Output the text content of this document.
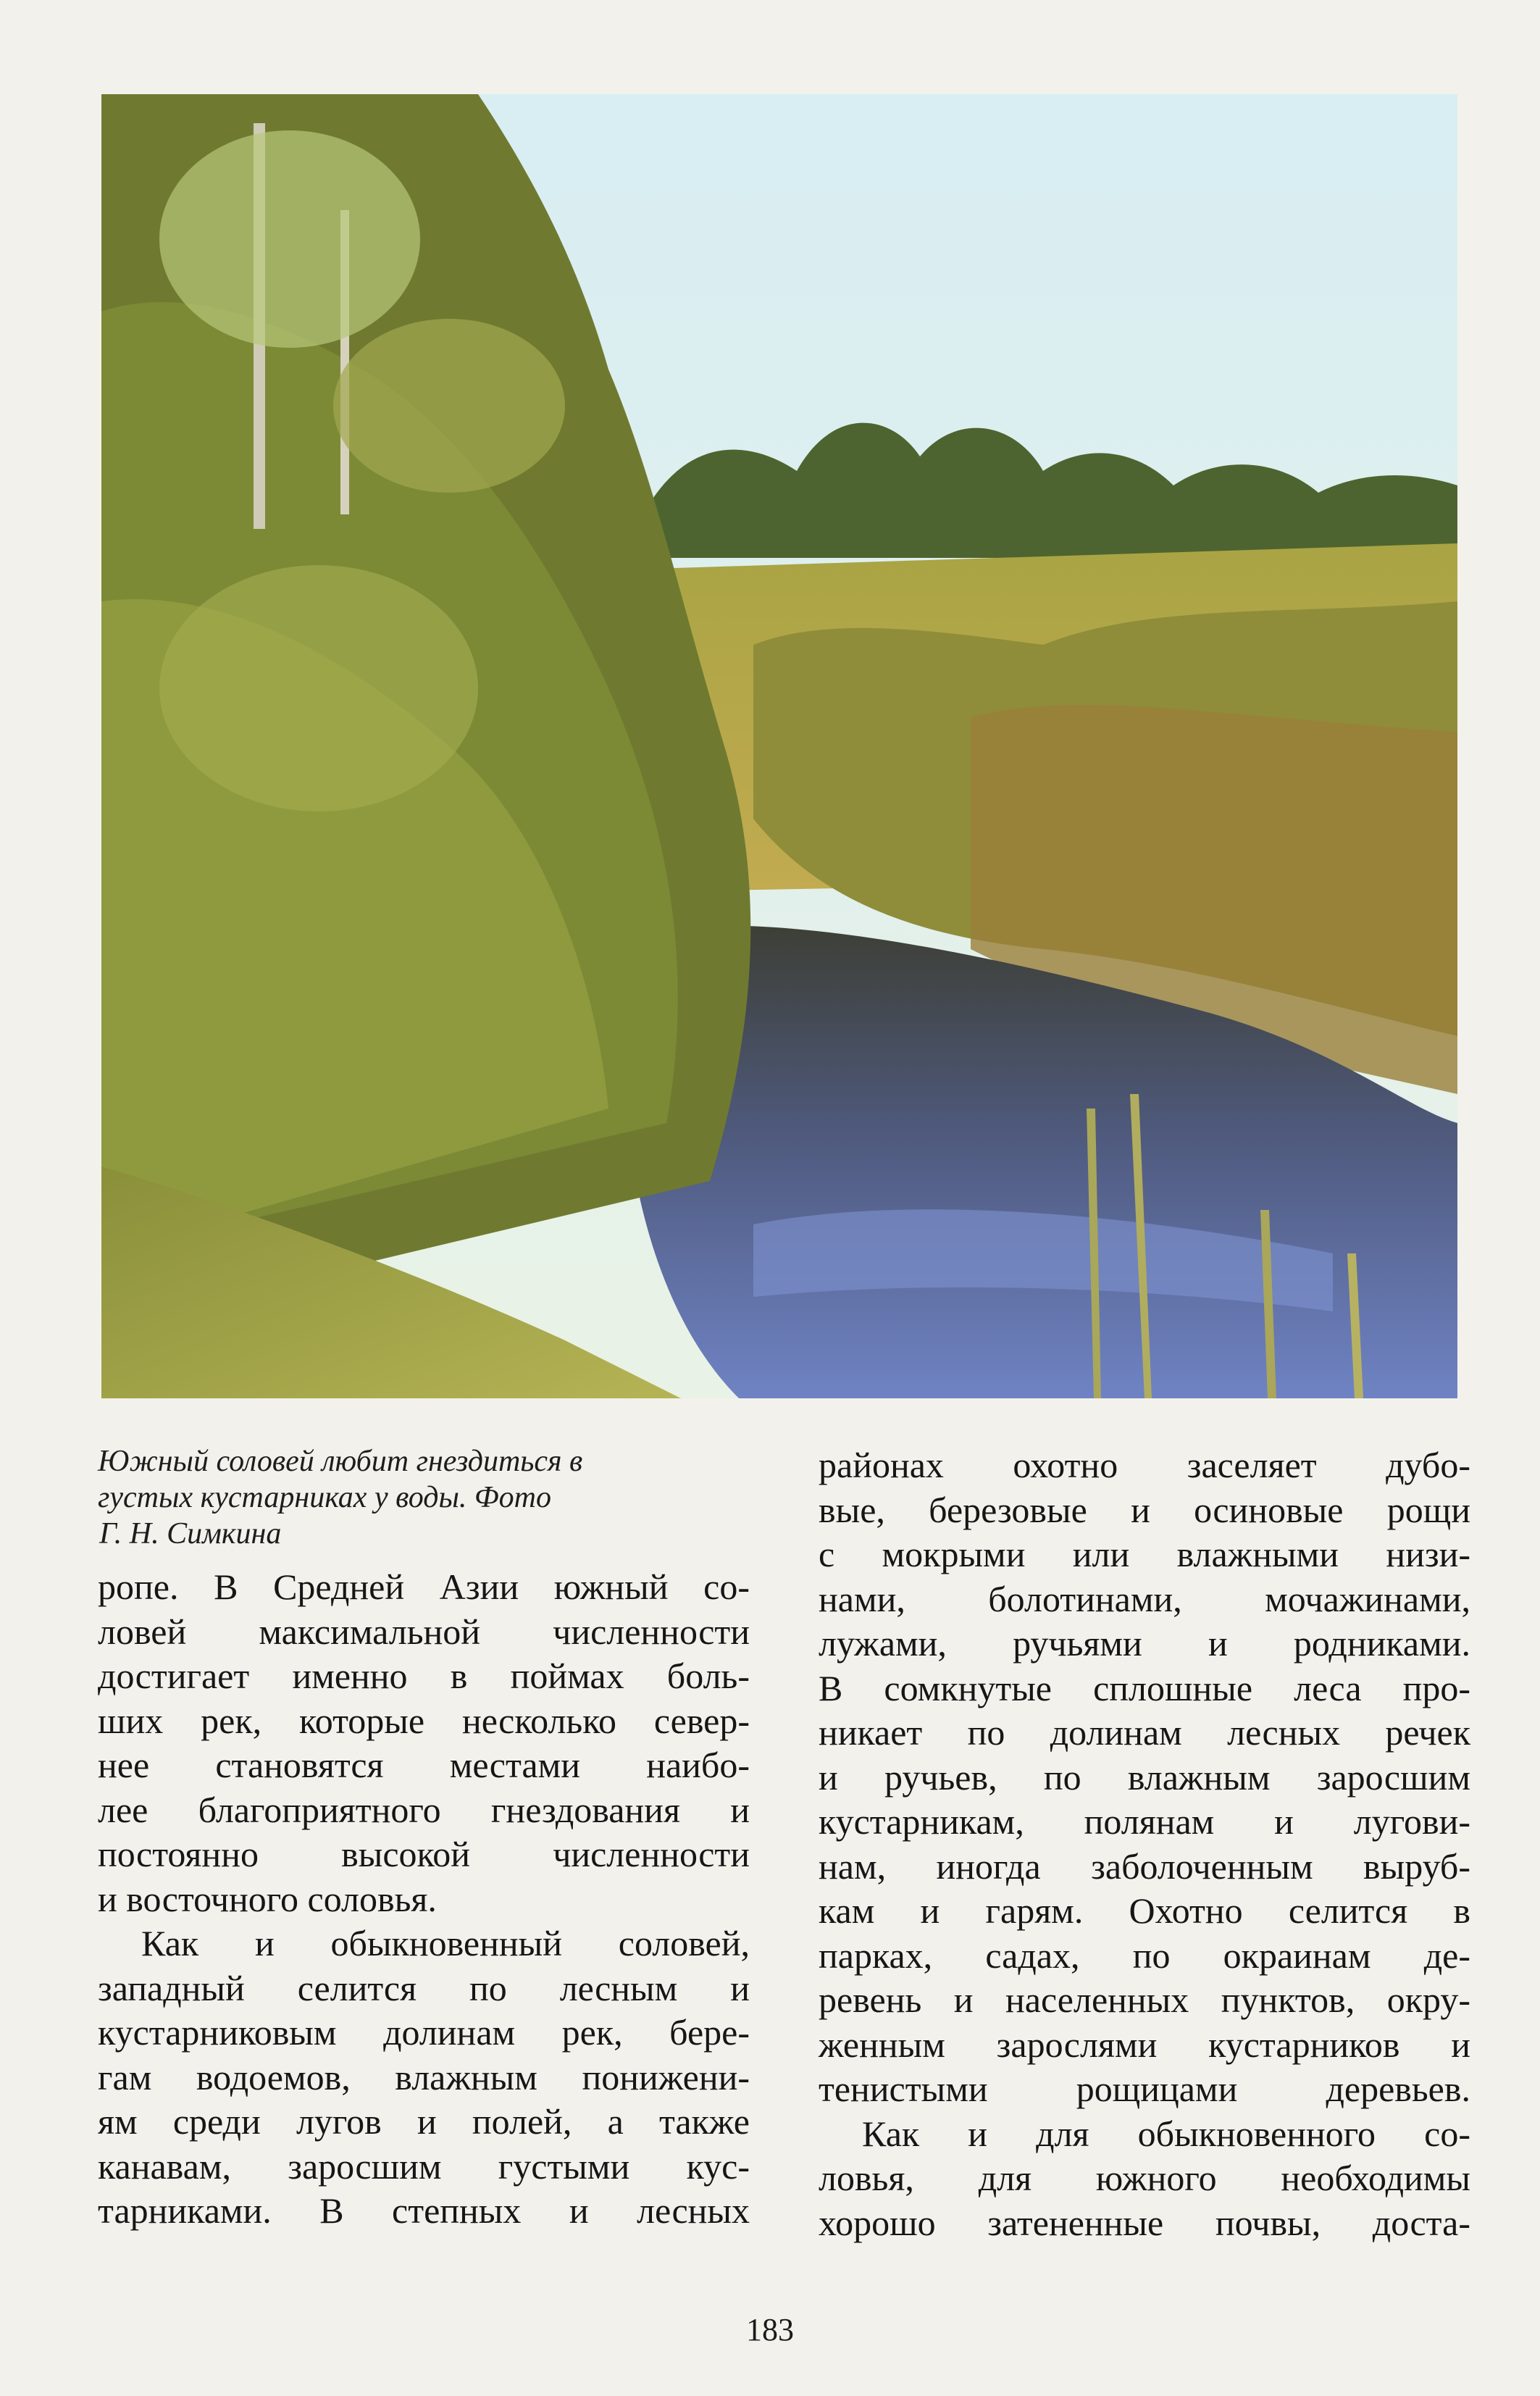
Южный соловей любит гнездиться в
густых кустарниках у воды. Фото
Г. Н. Симкина
ропе. В Средней Азии южный со-
ловей максимальной численности
достигает именно в поймах боль-
ших рек, которые несколько север-
нее становятся местами наибо-
лее благоприятного гнездования и
постоянно высокой численности
и восточного соловья.
Как и обыкновенный соловей,
западный селится по лесным и
кустарниковым долинам рек, бере-
гам водоемов, влажным понижени-
ям среди лугов и полей, а также
канавам, заросшим густыми кус-
тарниками. В степных и лесных
районах охотно заселяет дубо-
вые, березовые и осиновые рощи
с мокрыми или влажными низи-
нами, болотинами, мочажинами,
лужами, ручьями и родниками.
В сомкнутые сплошные леса про-
никает по долинам лесных речек
и ручьев, по влажным заросшим
кустарникам, полянам и лугови-
нам, иногда заболоченным выруб-
кам и гарям. Охотно селится в
парках, садах, по окраинам де-
ревень и населенных пунктов, окру-
женным зарослями кустарников и
тенистыми рощицами деревьев.
Как и для обыкновенного со-
ловья, для южного необходимы
хорошо затененные почвы, доста-
183
